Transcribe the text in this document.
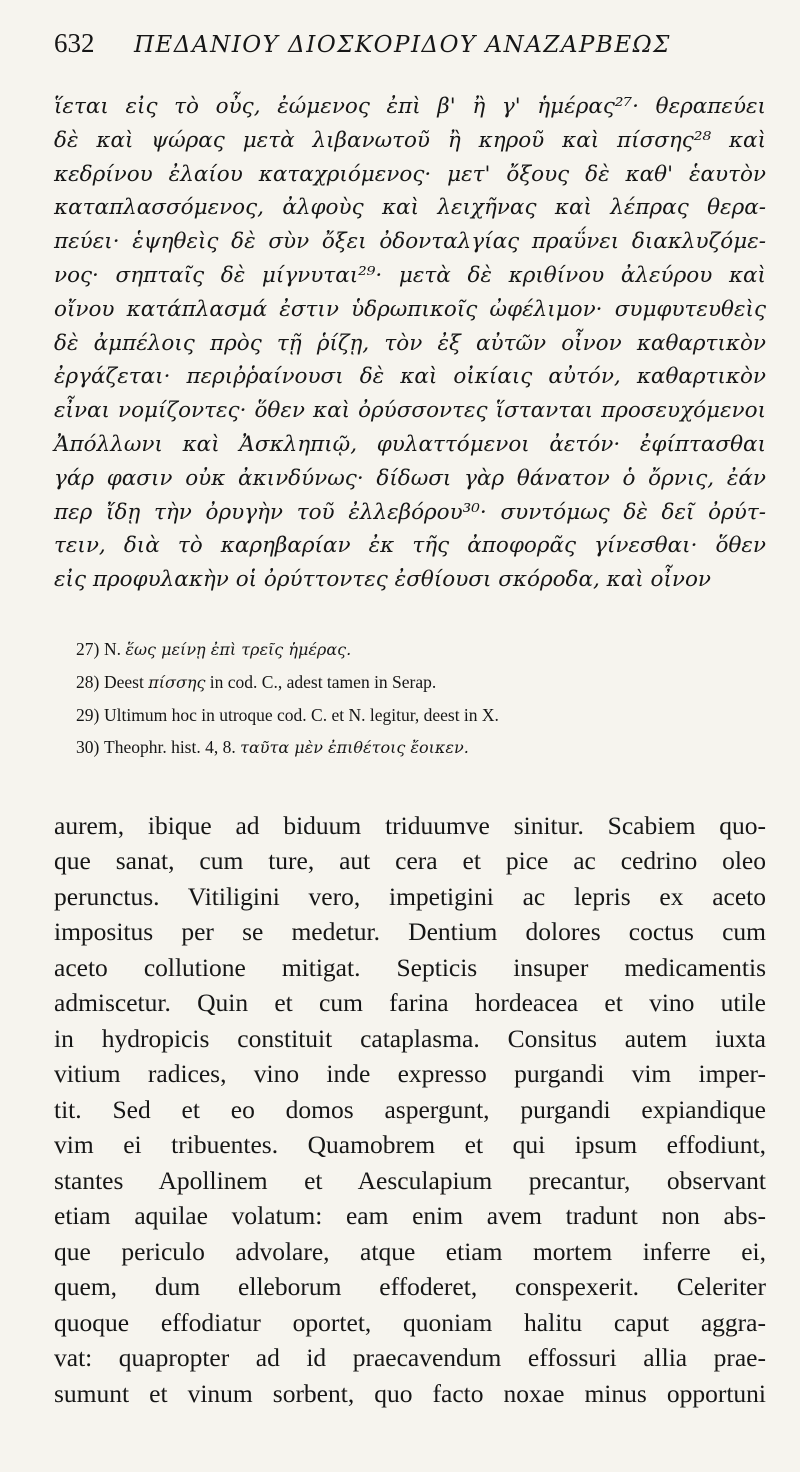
632	ΠΕΔΑΝΙΟΥ ΔΙΟΣΚΟΡΙΔΟΥ ΑΝΑΖΑΡΒΕΩΣ
ἵεται εἰς τὸ οὖς, ἐώμενος ἐπὶ β' ἢ γ' ἡμέρας²⁷· θεραπεύει
δὲ καὶ ψώρας μετὰ λιβανωτοῦ ἢ κηροῦ καὶ πίσσης²⁸ καὶ
κεδρίνου ἐλαίου καταχριόμενος· μετ' ὄξους δὲ καθ' ἑαυτὸν
καταπλασσόμενος, ἀλφοὺς καὶ λειχῆνας καὶ λέπρας θερα-
πεύει· ἑψηθεὶς δὲ σὺν ὄξει ὀδονταλγίας πραΰνει διακλυζόμε-
νος· σηπταῖς δὲ μίγνυται²⁹· μετὰ δὲ κριθίνου ἀλεύρου καὶ
οἴνου κατάπλασμά ἐστιν ὑδρωπικοῖς ὠφέλιμον· συμφυτευθεὶς
δὲ ἀμπέλοις πρὸς τῇ ῥίζῃ, τὸν ἐξ αὐτῶν οἶνον καθαρτικὸν
ἐργάζεται· περιῤῥαίνουσι δὲ καὶ οἰκίαις αὐτόν, καθαρτικὸν
εἶναι νομίζοντες· ὅθεν καὶ ὀρύσσοντες ἵστανται προσευχόμενοι
Ἀπόλλωνι καὶ Ἀσκληπιῷ, φυλαττόμενοι ἀετόν· ἐφίπτασθαι
γάρ φασιν οὐκ ἀκινδύνως· δίδωσι γὰρ θάνατον ὁ ὄρνις, ἐάν
περ ἴδῃ τὴν ὀρυγὴν τοῦ ἐλλεβόρου³⁰· συντόμως δὲ δεῖ ὀρύτ-
τειν, διὰ τὸ καρηβαρίαν ἐκ τῆς ἀποφορᾶς γίνεσθαι· ὅθεν
εἰς προφυλακὴν οἱ ὀρύττοντες ἐσθίουσι σκόροδα, καὶ οἶνον
27) N. ἕως μείνῃ ἐπὶ τρεῖς ἡμέρας.
28) Deest πίσσης in cod. C., adest tamen in Serap.
29) Ultimum hoc in utroque cod. C. et N. legitur, deest in X.
30) Theophr. hist. 4, 8. ταῦτα μὲν ἐπιθέτοις ἔοικεν.
aurem, ibique ad biduum triduumve sinitur. Scabiem quo-
que sanat, cum ture, aut cera et pice ac cedrino oleo
perunctus. Vitiligini vero, impetigini ac lepris ex aceto
impositus per se medetur. Dentium dolores coctus cum
aceto collutione mitigat. Septicis insuper medicamentis
admiscetur. Quin et cum farina hordeacea et vino utile
in hydropicis constituit cataplasma. Consitus autem iuxta
vitium radices, vino inde expresso purgandi vim imper-
tit. Sed et eo domos aspergunt, purgandi expiandique
vim ei tribuentes. Quamobrem et qui ipsum effodiunt,
stantes Apollinem et Aesculapium precantur, observant
etiam aquilae volatum: eam enim avem tradunt non abs-
que periculo advolare, atque etiam mortem inferre ei,
quem, dum elleborum effoderet, conspexerit. Celeriter
quoque effodiatur oportet, quoniam halitu caput aggra-
vat: quapropter ad id praecavendum effossuri allia prae-
sumunt et vinum sorbent, quo facto noxae minus opportuni
